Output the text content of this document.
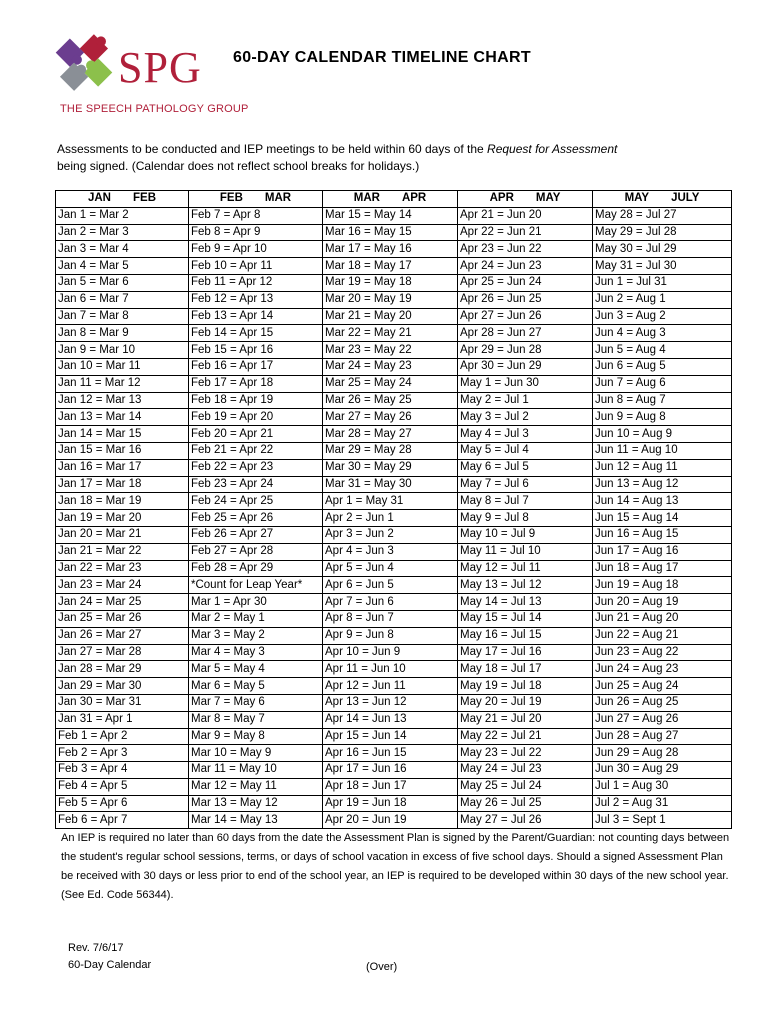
SPG
THE SPEECH PATHOLOGY GROUP
60-DAY CALENDAR TIMELINE CHART
Assessments to be conducted and IEP meetings to be held within 60 days of the Request for Assessment
being signed. (Calendar does not reflect school breaks for holidays.)
JAN FEB	FEB MAR	MAR APR	APR MAY	MAY JULY
Jan 1 = Mar 2	Feb 7 = Apr 8	Mar 15 = May 14	Apr 21 = Jun 20	May 28 = Jul 27
Jan 2 = Mar 3	Feb 8 = Apr 9	Mar 16 = May 15	Apr 22 = Jun 21	May 29 = Jul 28
Jan 3 = Mar 4	Feb 9 = Apr 10	Mar 17 = May 16	Apr 23 = Jun 22	May 30 = Jul 29
Jan 4 = Mar 5	Feb 10 = Apr 11	Mar 18 = May 17	Apr 24 = Jun 23	May 31 = Jul 30
Jan 5 = Mar 6	Feb 11 = Apr 12	Mar 19 = May 18	Apr 25 = Jun 24	Jun 1 = Jul 31
Jan 6 = Mar 7	Feb 12 = Apr 13	Mar 20 = May 19	Apr 26 = Jun 25	Jun 2 = Aug 1
Jan 7 = Mar 8	Feb 13 = Apr 14	Mar 21 = May 20	Apr 27 = Jun 26	Jun 3 = Aug 2
Jan 8 = Mar 9	Feb 14 = Apr 15	Mar 22 = May 21	Apr 28 = Jun 27	Jun 4 = Aug 3
Jan 9 = Mar 10	Feb 15 = Apr 16	Mar 23 = May 22	Apr 29 = Jun 28	Jun 5 = Aug 4
Jan 10 = Mar 11	Feb 16 = Apr 17	Mar 24 = May 23	Apr 30 = Jun 29	Jun 6 = Aug 5
Jan 11 = Mar 12	Feb 17 = Apr 18	Mar 25 = May 24	May 1 = Jun 30	Jun 7 = Aug 6
Jan 12 = Mar 13	Feb 18 = Apr 19	Mar 26 = May 25	May 2 = Jul 1	Jun 8 = Aug 7
Jan 13 = Mar 14	Feb 19 = Apr 20	Mar 27 = May 26	May 3 = Jul 2	Jun 9 = Aug 8
Jan 14 = Mar 15	Feb 20 = Apr 21	Mar 28 = May 27	May 4 = Jul 3	Jun 10 = Aug 9
Jan 15 = Mar 16	Feb 21 = Apr 22	Mar 29 = May 28	May 5 = Jul 4	Jun 11 = Aug 10
Jan 16 = Mar 17	Feb 22 = Apr 23	Mar 30 = May 29	May 6 = Jul 5	Jun 12 = Aug 11
Jan 17 = Mar 18	Feb 23 = Apr 24	Mar 31 = May 30	May 7 = Jul 6	Jun 13 = Aug 12
Jan 18 = Mar 19	Feb 24 = Apr 25	Apr 1 = May 31	May 8 = Jul 7	Jun 14 = Aug 13
Jan 19 = Mar 20	Feb 25 = Apr 26	Apr 2 = Jun 1	May 9 = Jul 8	Jun 15 = Aug 14
Jan 20 = Mar 21	Feb 26 = Apr 27	Apr 3 = Jun 2	May 10 = Jul 9	Jun 16 = Aug 15
Jan 21 = Mar 22	Feb 27 = Apr 28	Apr 4 = Jun 3	May 11 = Jul 10	Jun 17 = Aug 16
Jan 22 = Mar 23	Feb 28 = Apr 29	Apr 5 = Jun 4	May 12 = Jul 11	Jun 18 = Aug 17
Jan 23 = Mar 24	*Count for Leap Year*	Apr 6 = Jun 5	May 13 = Jul 12	Jun 19 = Aug 18
Jan 24 = Mar 25	Mar 1 = Apr 30	Apr 7 = Jun 6	May 14 = Jul 13	Jun 20 = Aug 19
Jan 25 = Mar 26	Mar 2 = May 1	Apr 8 = Jun 7	May 15 = Jul 14	Jun 21 = Aug 20
Jan 26 = Mar 27	Mar 3 = May 2	Apr 9 = Jun 8	May 16 = Jul 15	Jun 22 = Aug 21
Jan 27 = Mar 28	Mar 4 = May 3	Apr 10 = Jun 9	May 17 = Jul 16	Jun 23 = Aug 22
Jan 28 = Mar 29	Mar 5 = May 4	Apr 11 = Jun 10	May 18 = Jul 17	Jun 24 = Aug 23
Jan 29 = Mar 30	Mar 6 = May 5	Apr 12 = Jun 11	May 19 = Jul 18	Jun 25 = Aug 24
Jan 30 = Mar 31	Mar 7 = May 6	Apr 13 = Jun 12	May 20 = Jul 19	Jun 26 = Aug 25
Jan 31 = Apr 1	Mar 8 = May 7	Apr 14 = Jun 13	May 21 = Jul 20	Jun 27 = Aug 26
Feb 1 = Apr 2	Mar 9 = May 8	Apr 15 = Jun 14	May 22 = Jul 21	Jun 28 = Aug 27
Feb 2 = Apr 3	Mar 10 = May 9	Apr 16 = Jun 15	May 23 = Jul 22	Jun 29 = Aug 28
Feb 3 = Apr 4	Mar 11 = May 10	Apr 17 = Jun 16	May 24 = Jul 23	Jun 30 = Aug 29
Feb 4 = Apr 5	Mar 12 = May 11	Apr 18 = Jun 17	May 25 = Jul 24	Jul 1 = Aug 30
Feb 5 = Apr 6	Mar 13 = May 12	Apr 19 = Jun 18	May 26 = Jul 25	Jul 2 = Aug 31
Feb 6 = Apr 7	Mar 14 = May 13	Apr 20 = Jun 19	May 27 = Jul 26	Jul 3 = Sept 1
An IEP is required no later than 60 days from the date the Assessment Plan is signed by the Parent/Guardian: not counting days between the student's regular school sessions, terms, or days of school vacation in excess of five school days. Should a signed Assessment Plan be received with 30 days or less prior to end of the school year, an IEP is required to be developed within 30 days of the new school year. (See Ed. Code 56344).
Rev. 7/6/17
60-Day Calendar	(Over)
